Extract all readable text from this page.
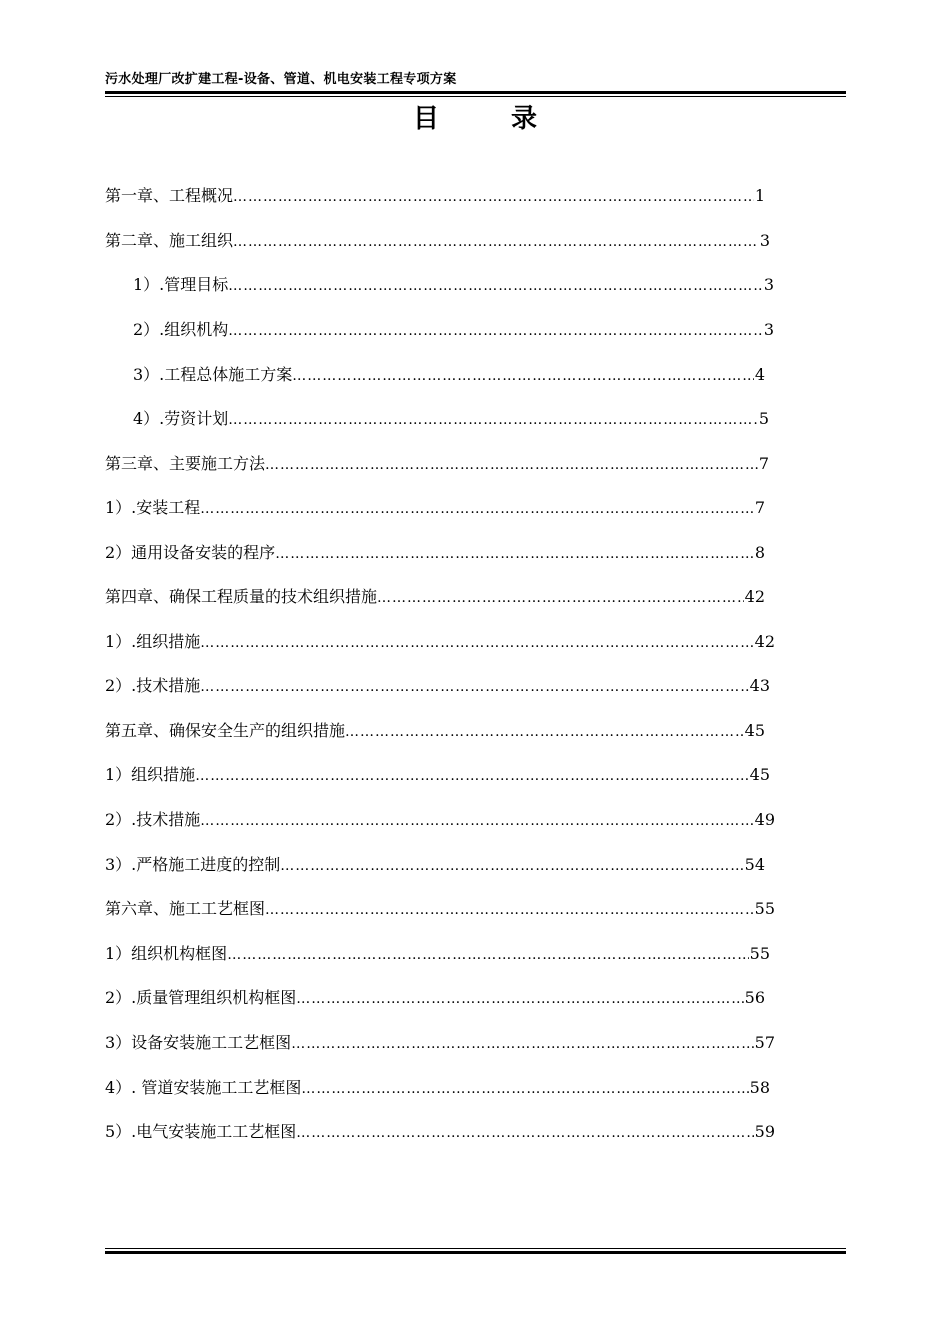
污水处理厂改扩建工程-设备、管道、机电安装工程专项方案
目录
第一章、工程概况 ……………………………………………………………………………………………………………………………………………………………………………………………………………………………………	1
第二章、施工组织 ……………………………………………………………………………………………………………………………………………………………………………………………………………………………………	3
1）.管理目标 ……………………………………………………………………………………………………………………………………………………………………………………………………………………………………	3
2）.组织机构 ……………………………………………………………………………………………………………………………………………………………………………………………………………………………………	3
3）.工程总体施工方案 ……………………………………………………………………………………………………………………………………………………………………………………………………………………………………	4
4）.劳资计划 ……………………………………………………………………………………………………………………………………………………………………………………………………………………………………	5
第三章、主要施工方法 ……………………………………………………………………………………………………………………………………………………………………………………………………………………………………	7
1）.安装工程 ……………………………………………………………………………………………………………………………………………………………………………………………………………………………………	7
2）通用设备安装的程序 ……………………………………………………………………………………………………………………………………………………………………………………………………………………………………	8
第四章、确保工程质量的技术组织措施 ……………………………………………………………………………………………………………………………………………………………………………………………………………………………………	42
1）.组织措施 ……………………………………………………………………………………………………………………………………………………………………………………………………………………………………	42
2）.技术措施 ……………………………………………………………………………………………………………………………………………………………………………………………………………………………………	43
第五章、确保安全生产的组织措施 ……………………………………………………………………………………………………………………………………………………………………………………………………………………………………	45
1）组织措施 ……………………………………………………………………………………………………………………………………………………………………………………………………………………………………	45
2）.技术措施 ……………………………………………………………………………………………………………………………………………………………………………………………………………………………………	49
3）.严格施工进度的控制 ……………………………………………………………………………………………………………………………………………………………………………………………………………………………………	54
第六章、施工工艺框图 ……………………………………………………………………………………………………………………………………………………………………………………………………………………………………	55
1）组织机构框图 ……………………………………………………………………………………………………………………………………………………………………………………………………………………………………	55
2）.质量管理组织机构框图 ……………………………………………………………………………………………………………………………………………………………………………………………………………………………………	56
3）设备安装施工工艺框图 ……………………………………………………………………………………………………………………………………………………………………………………………………………………………………	57
4）. 管道安装施工工艺框图 ……………………………………………………………………………………………………………………………………………………………………………………………………………………………………	58
5）.电气安装施工工艺框图 ……………………………………………………………………………………………………………………………………………………………………………………………………………………………………	59
